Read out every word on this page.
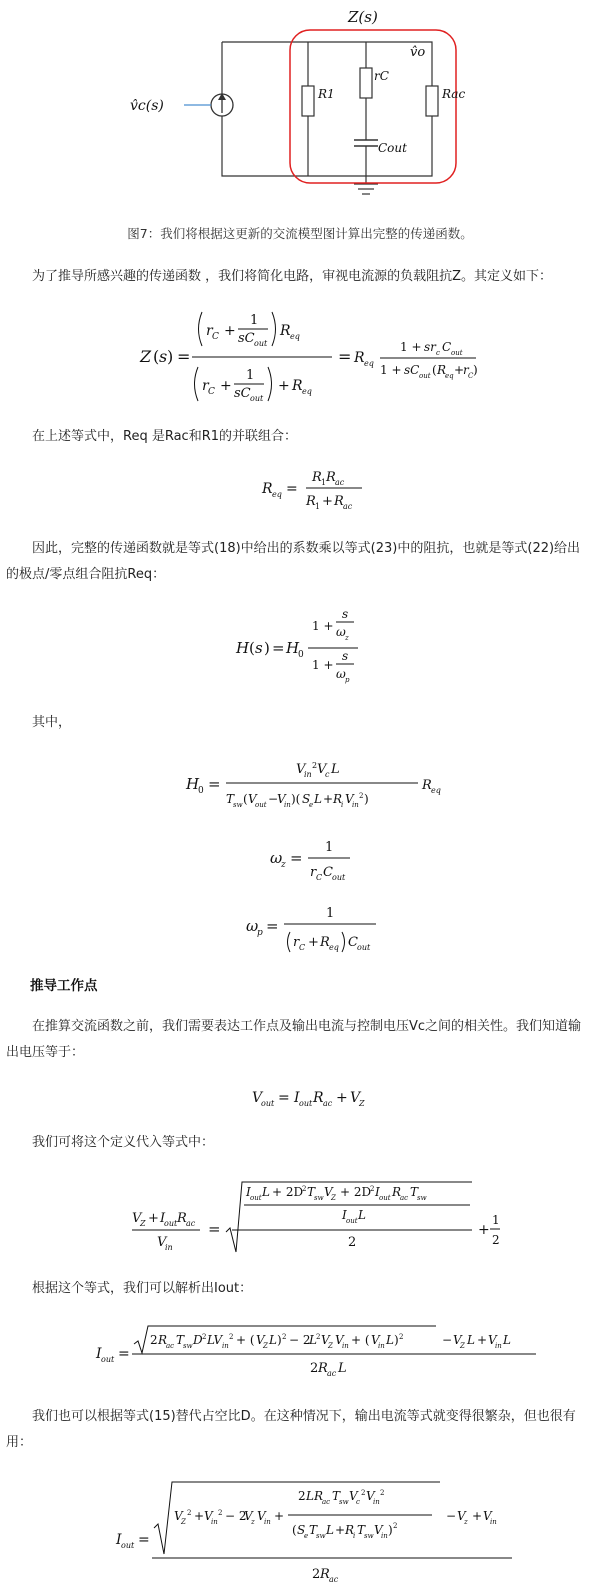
Z(s)
v̂o
v̂c(s)
R1
rC
Rac
Cout
图7：我们将根据这更新的交流模型图计算出完整的传递函数。
　　为了推导所感兴趣的传递函数 ，我们将简化电路，审视电流源的负载阻抗Z。其定义如下：
Z ( s ) =
r C +
1
sC out
R eq
r C +
1
sC out
+ R eq
= R eq
1 + sr c C out
1 + sC out ( R
eq +
r C )
　　在上述等式中，Req 是Rac和R1的并联组合：
R eq =
R 1 R ac
R 1 + R ac
　　因此，完整的传递函数就是等式(18)中给出的系数乘以等式(23)中的阻抗，也就是等式(22)给出的极点/零点组合阻抗Req：
H ( s ) = H
0
1 +
s
ω z
1 +
s
ω p
　　其中，
H
0 =
V
in
2 V
c L
T
sw ( V
out −
V
in )( S
e L + R
i V
in
2 )
R eq
ω
z =
1
r C C out
ω
p =
1
r C + R eq C out
推导工作点
　　在推算交流函数之前，我们需要表达工作点及输出电流与控制电压Vc之间的相关性。我们知道输出电压等于：
V
out = I out R ac + V
Z
　　我们可将这个定义代入等式中：
V
Z + I
out R ac
V
in
=
I out L + 2D
2 T
sw V
Z + 2D
2 I out R
ac T
sw
I out L
2
+
1
2
　　根据这个等式，我们可以解析出Iout：
I out =
2 R
ac T
sw D 2 LV in
2 + ( V
Z L ) 2 − 2
L 2 V
Z V
in + ( V
in L ) 2	− V
Z L + V
in L
2 R ac L
　　我们也可以根据等式(15)替代占空比D。在这种情况下，输出电流等式就变得很繁杂，但也很有用：
I out =
V
Z
2 + V
in
2 − 2
V
z V
in +
2 LR
ac T
sw V
c
2 V
in
2
( S
e T
sw L + R
i T
sw V
in ) 2
− V
z + V
in
2 R ac
